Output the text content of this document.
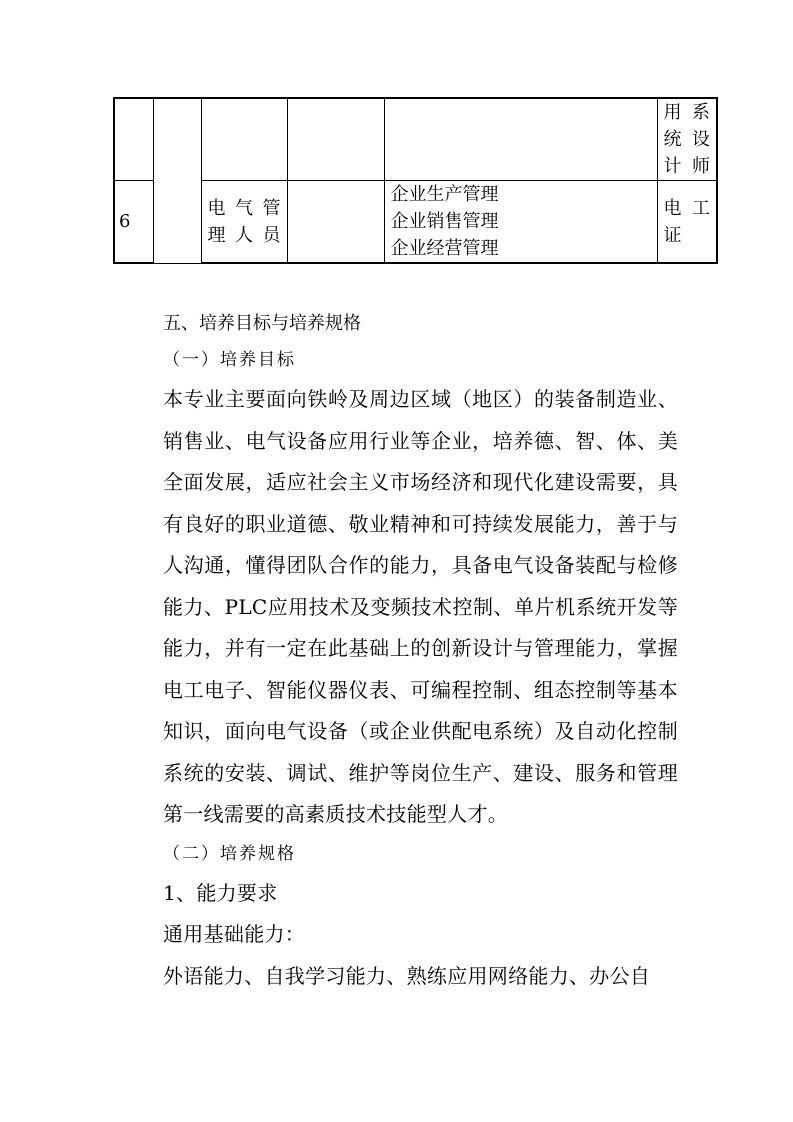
					用 系 统 设 计师

6		电 气 管 理人员		企业生产管理
企业销售管理
企业经营管理	电 工 证

五、培养目标与培养规格

（一）培养目标

本专业主要面向铁岭及周边区域（地区）的装备制造业、销售业、电气设备应用行业等企业，培养德、智、体、美全面发展，适应社会主义市场经济和现代化建设需要，具有良好的职业道德、敬业精神和可持续发展能力，善于与人沟通，懂得团队合作的能力，具备电气设备装配与检修能力、PLC应用技术及变频技术控制、单片机系统开发等能力，并有一定在此基础上的创新设计与管理能力，掌握电工电子、智能仪器仪表、可编程控制、组态控制等基本知识，面向电气设备（或企业供配电系统）及自动化控制系统的安装、调试、维护等岗位生产、建设、服务和管理第一线需要的高素质技术技能型人才。

（二）培养规格

1、能力要求

通用基础能力：

外语能力、自我学习能力、熟练应用网络能力、办公自
